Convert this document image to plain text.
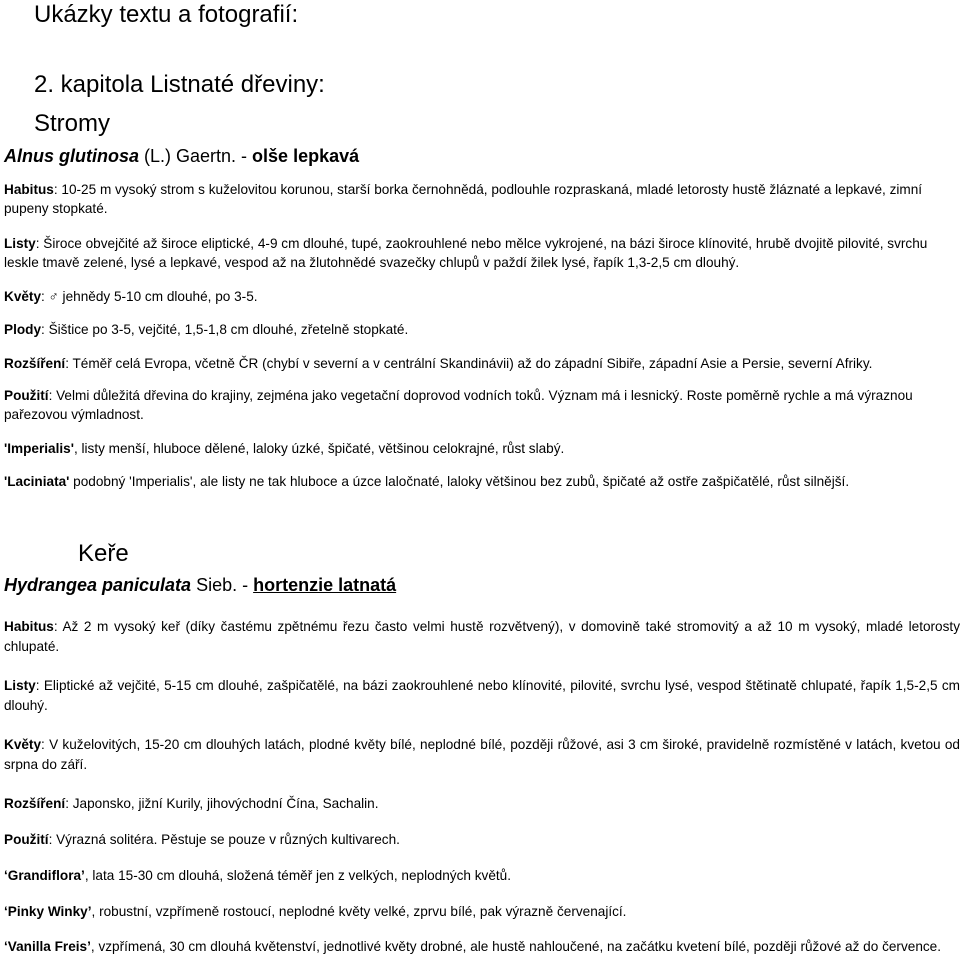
Ukázky textu a fotografií:
2. kapitola Listnaté dřeviny:
Stromy
Alnus glutinosa (L.) Gaertn. - olše lepkavá
Habitus: 10-25 m vysoký strom s kuželovitou korunou, starší borka černohnědá, podlouhle rozpraskaná, mladé letorosty hustě žláznaté a lepkavé, zimní pupeny stopkaté.
Listy: Široce obvejčité až široce eliptické, 4-9 cm dlouhé, tupé, zaokrouhlené nebo mělce vykrojené, na bázi široce klínovité, hrubě dvojitě pilovité, svrchu leskle tmavě zelené, lysé a lepkavé, vespod až na žlutohnědé svazečky chlupů v paždí žilek lysé, řapík 1,3-2,5 cm dlouhý.
Květy: ♂ jehnědy 5-10 cm dlouhé, po 3-5.
Plody: Šištice po 3-5, vejčité, 1,5-1,8 cm dlouhé, zřetelně stopkaté.
Rozšíření: Téměř celá Evropa, včetně ČR (chybí v severní a v centrální Skandinávii) až do západní Sibiře, západní Asie a Persie, severní Afriky.
Použití: Velmi důležitá dřevina do krajiny, zejména jako vegetační doprovod vodních toků. Význam má i lesnický. Roste poměrně rychle a má výraznou pařezovou výmladnost.
'Imperialis', listy menší, hluboce dělené, laloky úzké, špičaté, většinou celokrajné, růst slabý.
'Laciniata' podobný 'Imperialis', ale listy ne tak hluboce a úzce laločnaté, laloky většinou bez zubů, špičaté až ostře zašpičatělé, růst silnější.
Keře
Hydrangea paniculata Sieb. - hortenzie latnatá
Habitus: Až 2 m vysoký keř (díky častému zpětnému řezu často velmi hustě rozvětvený), v domovině také stromovitý a až 10 m vysoký, mladé letorosty chlupaté.
Listy: Eliptické až vejčité, 5-15 cm dlouhé, zašpičatělé, na bázi zaokrouhlené nebo klínovité, pilovité, svrchu lysé, vespod štětinatě chlupaté, řapík 1,5-2,5 cm dlouhý.
Květy: V kuželovitých, 15-20 cm dlouhých latách, plodné květy bílé, neplodné bílé, později růžové, asi 3 cm široké, pravidelně rozmístěné v latách, kvetou od srpna do září.
Rozšíření: Japonsko, jižní Kurily, jihovýchodní Čína, Sachalin.
Použití: Výrazná solitéra. Pěstuje se pouze v různých kultivarech.
‘Grandiflora’, lata 15-30 cm dlouhá, složená téměř jen z velkých, neplodných květů.
‘Pinky Winky’, robustní, vzpřímeně rostoucí, neplodné květy velké, zprvu bílé, pak výrazně červenající.
‘Vanilla Freis’, vzpřímená, 30 cm dlouhá květenství, jednotlivé květy drobné, ale hustě nahloučené, na začátku kvetení bílé, později růžové až do července.
